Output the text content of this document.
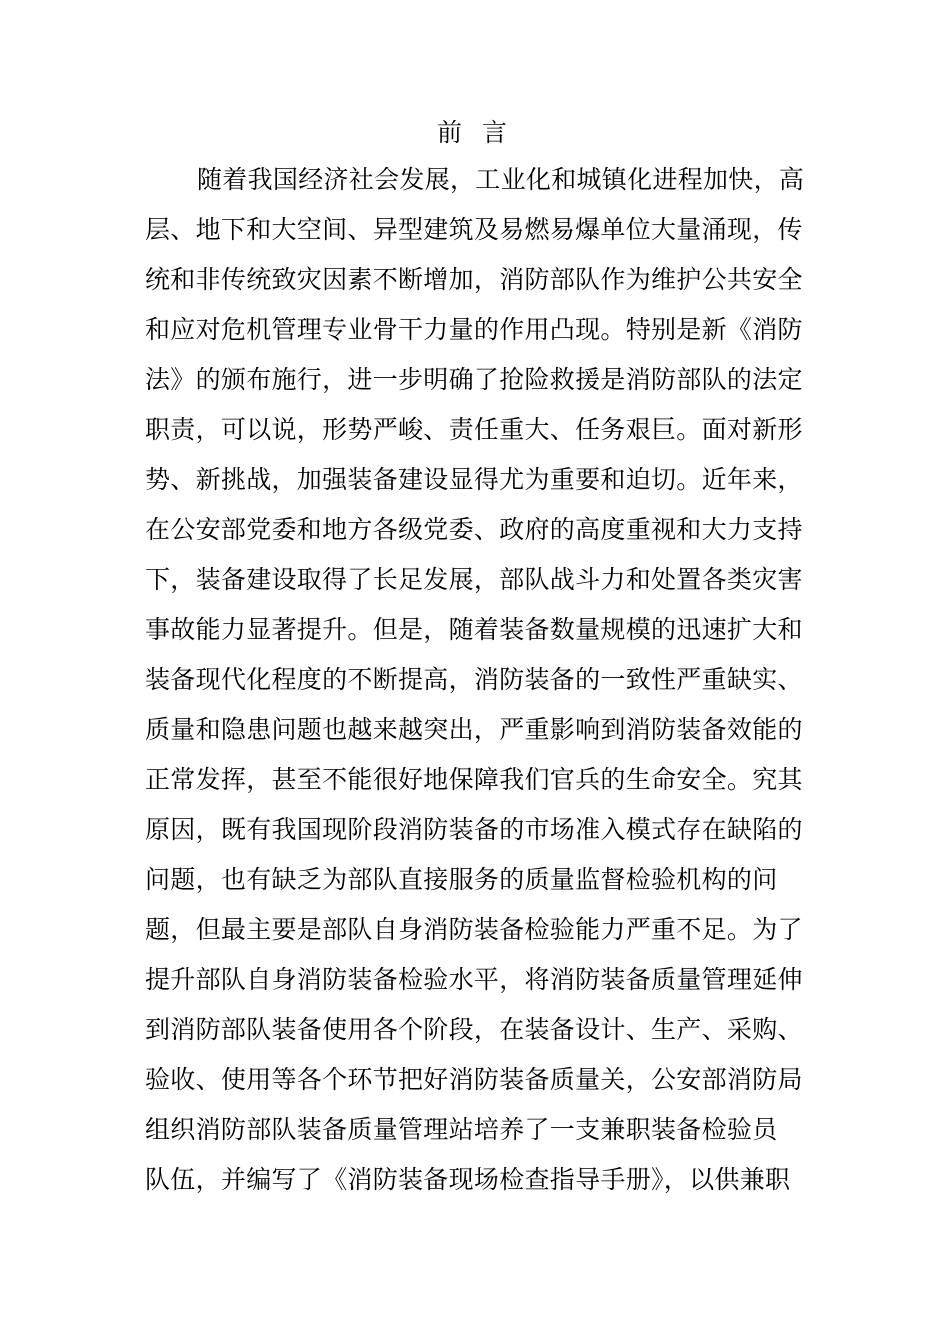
前 言
随着我国经济社会发展，工业化和城镇化进程加快，高
层、地下和大空间、异型建筑及易燃易爆单位大量涌现，传
统和非传统致灾因素不断增加，消防部队作为维护公共安全
和应对危机管理专业骨干力量的作用凸现。特别是新《消防
法》的颁布施行，进一步明确了抢险救援是消防部队的法定
职责，可以说，形势严峻、责任重大、任务艰巨。面对新形
势、新挑战，加强装备建设显得尤为重要和迫切。近年来，
在公安部党委和地方各级党委、政府的高度重视和大力支持
下，装备建设取得了长足发展，部队战斗力和处置各类灾害
事故能力显著提升。但是，随着装备数量规模的迅速扩大和
装备现代化程度的不断提高，消防装备的一致性严重缺实、
质量和隐患问题也越来越突出，严重影响到消防装备效能的
正常发挥，甚至不能很好地保障我们官兵的生命安全。究其
原因，既有我国现阶段消防装备的市场准入模式存在缺陷的
问题，也有缺乏为部队直接服务的质量监督检验机构的问
题，但最主要是部队自身消防装备检验能力严重不足。为了
提升部队自身消防装备检验水平，将消防装备质量管理延伸
到消防部队装备使用各个阶段，在装备设计、生产、采购、
验收、使用等各个环节把好消防装备质量关，公安部消防局
组织消防部队装备质量管理站培养了一支兼职装备检验员
队伍，并编写了《消防装备现场检查指导手册》，以供兼职
